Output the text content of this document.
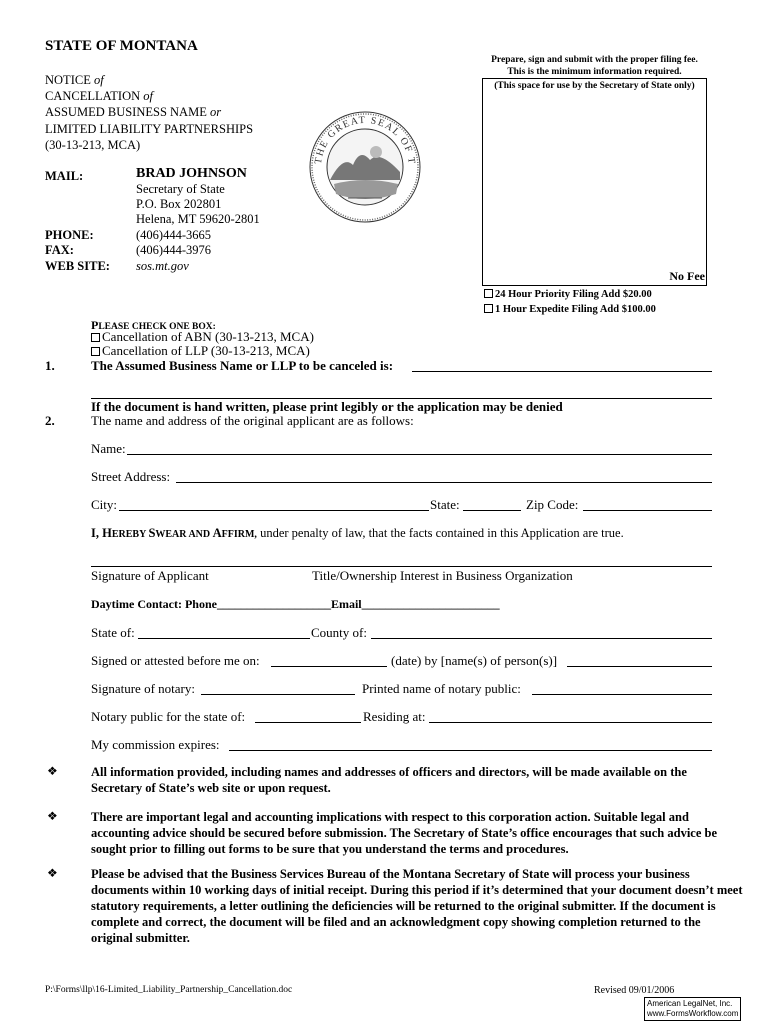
STATE OF MONTANA
NOTICE of
CANCELLATION of
ASSUMED BUSINESS NAME or
LIMITED LIABILITY PARTNERSHIPS
(30-13-213, MCA)
THE GREAT SEAL OF T
Prepare, sign and submit with the proper filing fee.
This is the minimum information required.
(This space for use by the Secretary of State only)
No Fee
24 Hour Priority Filing Add $20.00
1 Hour Expedite Filing Add $100.00
MAIL:	BRAD JOHNSON
Secretary of State
P.O. Box 202801
Helena, MT 59620-2801
PHONE:	(406)444-3665
FAX:	(406)444-3976
WEB SITE: sos.mt.gov
PLEASE CHECK ONE BOX:
Cancellation of ABN (30-13-213, MCA)
Cancellation of LLP (30-13-213, MCA)
1.	The Assumed Business Name or LLP to be canceled is:
If the document is hand written, please print legibly or the application may be denied
2.	The name and address of the original applicant are as follows:
Name:
Street Address:
City:	State:	Zip Code:
I, HEREBY SWEAR AND AFFIRM, under penalty of law, that the facts contained in this Application are true.
Signature of Applicant	Title/Ownership Interest in Business Organization
Daytime Contact: Phone___________________Email_______________________
State of:	County of:
Signed or attested before me on:	(date) by [name(s) of person(s)]
Signature of notary:	Printed name of notary public:
Notary public for the state of:	Residing at:
My commission expires:
❖	All information provided, including names and addresses of officers and directors, will be made available on the Secretary of State’s web site or upon request.
❖	There are important legal and accounting implications with respect to this corporation action. Suitable legal and accounting advice should be secured before submission. The Secretary of State’s office encourages that such advice be sought prior to filling out forms to be sure that you understand the terms and procedures.
❖	Please be advised that the Business Services Bureau of the Montana Secretary of State will process your business documents within 10 working days of initial receipt. During this period if it’s determined that your document doesn’t meet statutory requirements, a letter outlining the deficiencies will be returned to the original submitter. If the document is complete and correct, the document will be filed and an acknowledgment copy showing completion returned to the original submitter.
P:\Forms\llp\16-Limited_Liability_Partnership_Cancellation.doc	Revised 09/01/2006
American LegalNet, Inc.
www.FormsWorkflow.com
